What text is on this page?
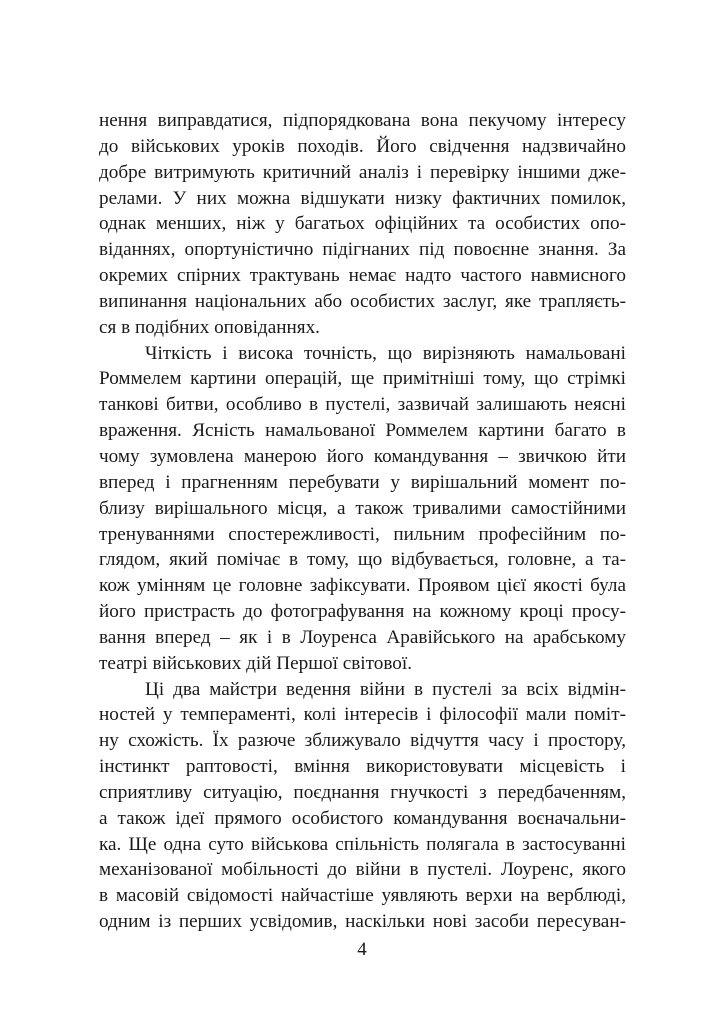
нення виправдатися, підпорядкована вона пекучому інтересу
до військових уроків походів. Його свідчення надзвичайно
добре витримують критичний аналіз і перевірку іншими дже-
релами. У них можна відшукати низку фактичних помилок,
однак менших, ніж у багатьох офіційних та особистих опо-
віданнях, опортуністично підігнаних під повоєнне знання. За
окремих спірних трактувань немає надто частого навмисного
випинання національних або особистих заслуг, яке трапляєть-
ся в подібних оповіданнях.
Чіткість і висока точність, що вирізняють намальовані
Роммелем картини операцій, ще примітніші тому, що стрімкі
танкові битви, особливо в пустелі, зазвичай залишають неясні
враження. Ясність намальованої Роммелем картини багато в
чому зумовлена манерою його командування – звичкою йти
вперед і прагненням перебувати у вирішальний момент по-
близу вирішального місця, а також тривалими самостійними
тренуваннями спостережливості, пильним професійним по-
глядом, який помічає в тому, що відбувається, головне, а та-
кож умінням це головне зафіксувати. Проявом цієї якості була
його пристрасть до фотографування на кожному кроці просу-
вання вперед – як і в Лоуренса Аравійського на арабському
театрі військових дій Першої світової.
Ці два майстри ведення війни в пустелі за всіх відмін-
ностей у темпераменті, колі інтересів і філософії мали поміт-
ну схожість. Їх разюче зближувало відчуття часу і простору,
інстинкт раптовості, вміння використовувати місцевість і
сприятливу ситуацію, поєднання гнучкості з передбаченням,
а також ідеї прямого особистого командування воєначальни-
ка. Ще одна суто військова спільність полягала в застосуванні
механізованої мобільності до війни в пустелі. Лоуренс, якого
в масовій свідомості найчастіше уявляють верхи на верблюді,
одним із перших усвідомив, наскільки нові засоби пересуван-
4
